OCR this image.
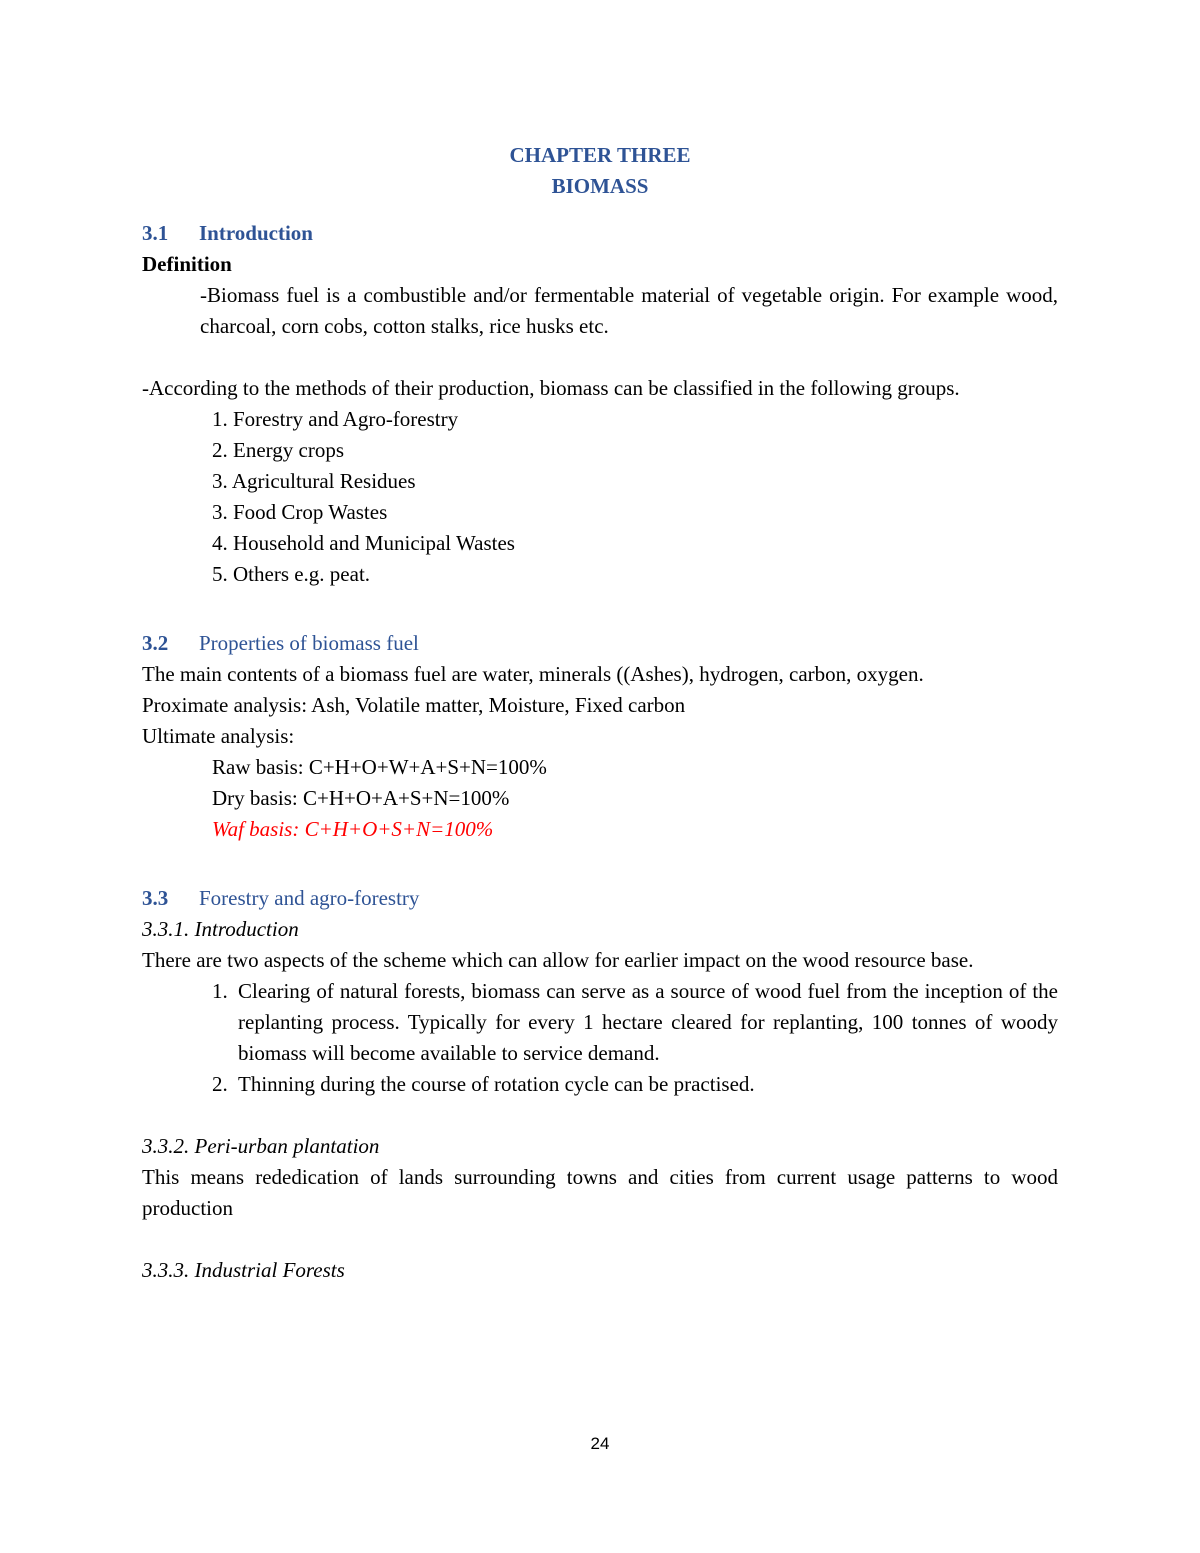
CHAPTER THREE
BIOMASS
3.1	Introduction
Definition
-Biomass fuel is a combustible and/or fermentable material of vegetable origin. For example wood, charcoal, corn cobs, cotton stalks, rice husks etc.
-According to the methods of their production, biomass can be classified in the following groups.
1. Forestry and Agro-forestry
2. Energy crops
3. Agricultural Residues
3. Food Crop Wastes
4. Household and Municipal Wastes
5. Others e.g. peat.
3.2	Properties of biomass fuel
The main contents of a biomass fuel are water, minerals ((Ashes), hydrogen, carbon, oxygen.
Proximate analysis: Ash, Volatile matter, Moisture, Fixed carbon
Ultimate analysis:
Raw basis: C+H+O+W+A+S+N=100%
Dry basis: C+H+O+A+S+N=100%
Waf basis: C+H+O+S+N=100%
3.3	Forestry and agro-forestry
3.3.1. Introduction
There are two aspects of the scheme which can allow for earlier impact on the wood resource base.
1. Clearing of natural forests, biomass can serve as a source of wood fuel from the inception of the replanting process. Typically for every 1 hectare cleared for replanting, 100 tonnes of woody biomass will become available to service demand.
2. Thinning during the course of rotation cycle can be practised.
3.3.2. Peri-urban plantation
This means rededication of lands surrounding towns and cities from current usage patterns to wood production
3.3.3. Industrial Forests
24
